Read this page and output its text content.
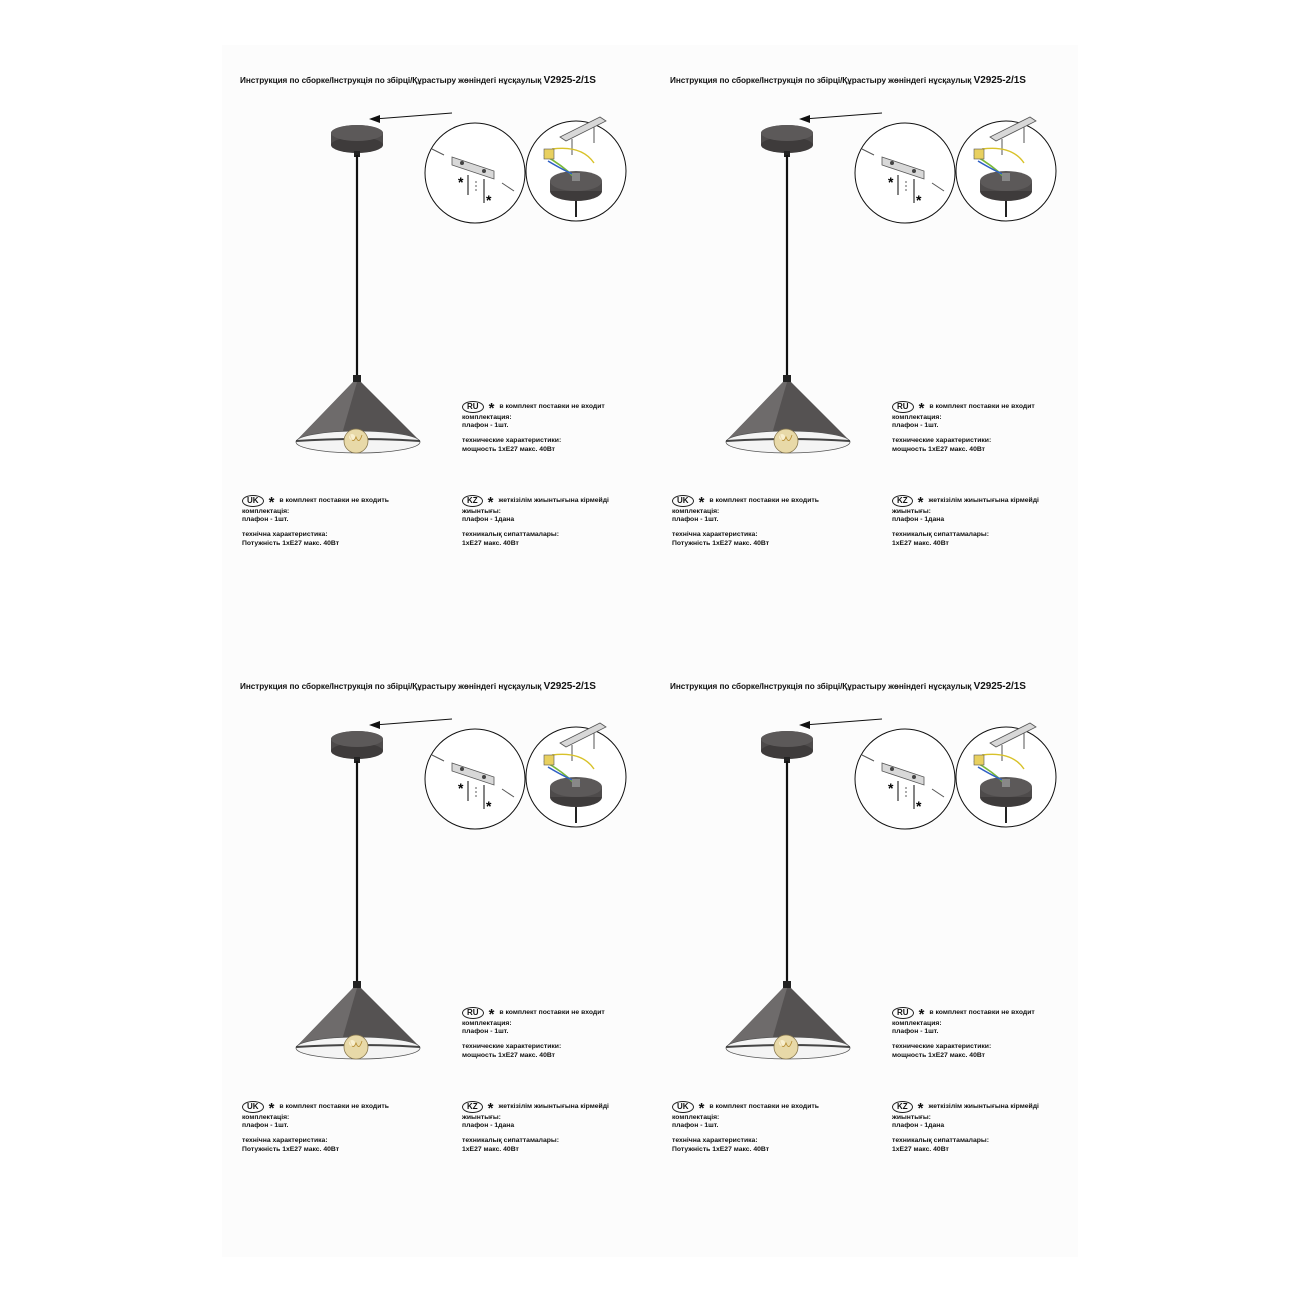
Инструкция по сборке/Інструкція по збірці/Құрастыру жөніндегі нұсқаулық V2925-2/1S
*
*
RU * в комплект поставки не входит
комплектация:
плафон - 1шт.
технические характеристики:
мощность 1хЕ27 макс. 40Вт
UK * в комплект поставки не входить
комплектація:
плафон - 1шт.
технічна характеристика:
Потужність 1хЕ27 макс. 40Вт
KZ * жеткізілім жиынтығына кірмейді
жиынтығы:
плафон - 1дана
техникалық сипаттамалары:
1хЕ27 макс. 40Вт
Инструкция по сборке/Інструкція по збірці/Құрастыру жөніндегі нұсқаулық V2925-2/1S
*
*
RU * в комплект поставки не входит
комплектация:
плафон - 1шт.
технические характеристики:
мощность 1хЕ27 макс. 40Вт
UK * в комплект поставки не входить
комплектація:
плафон - 1шт.
технічна характеристика:
Потужність 1хЕ27 макс. 40Вт
KZ * жеткізілім жиынтығына кірмейді
жиынтығы:
плафон - 1дана
техникалық сипаттамалары:
1хЕ27 макс. 40Вт
Инструкция по сборке/Інструкція по збірці/Құрастыру жөніндегі нұсқаулық V2925-2/1S
*
*
RU * в комплект поставки не входит
комплектация:
плафон - 1шт.
технические характеристики:
мощность 1хЕ27 макс. 40Вт
UK * в комплект поставки не входить
комплектація:
плафон - 1шт.
технічна характеристика:
Потужність 1хЕ27 макс. 40Вт
KZ * жеткізілім жиынтығына кірмейді
жиынтығы:
плафон - 1дана
техникалық сипаттамалары:
1хЕ27 макс. 40Вт
Инструкция по сборке/Інструкція по збірці/Құрастыру жөніндегі нұсқаулық V2925-2/1S
*
*
RU * в комплект поставки не входит
комплектация:
плафон - 1шт.
технические характеристики:
мощность 1хЕ27 макс. 40Вт
UK * в комплект поставки не входить
комплектація:
плафон - 1шт.
технічна характеристика:
Потужність 1хЕ27 макс. 40Вт
KZ * жеткізілім жиынтығына кірмейді
жиынтығы:
плафон - 1дана
техникалық сипаттамалары:
1хЕ27 макс. 40Вт
